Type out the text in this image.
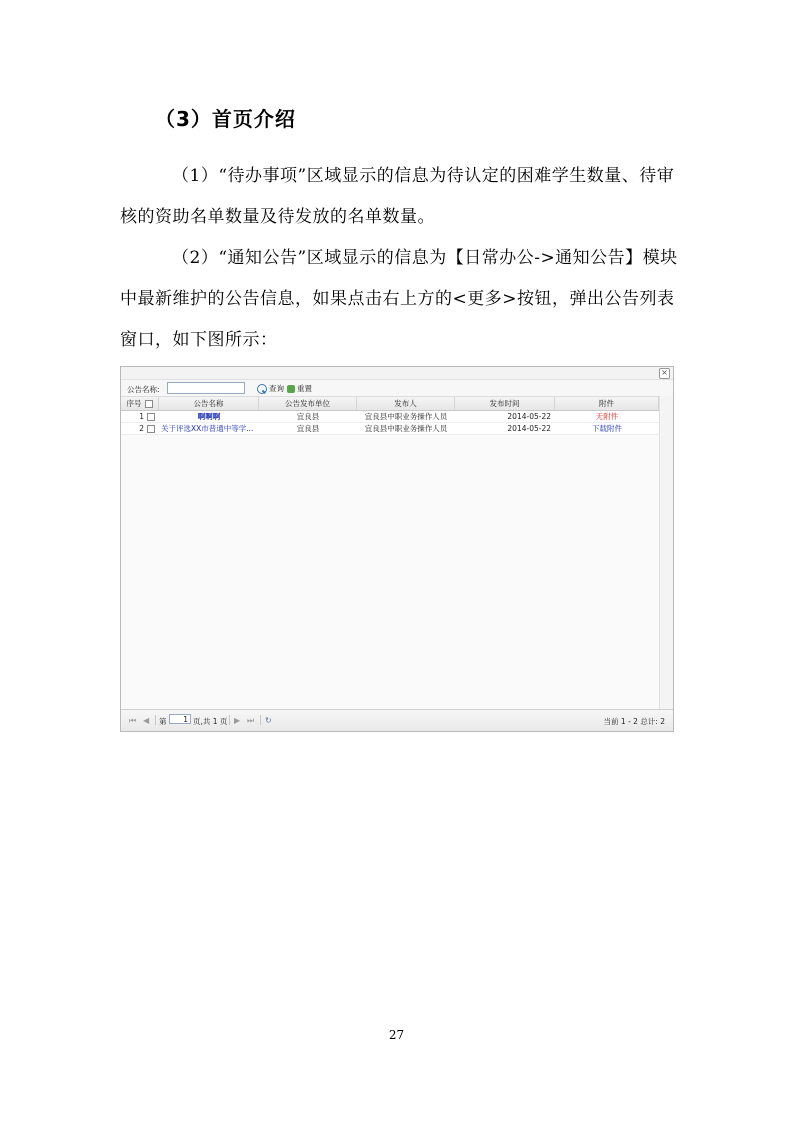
（3）首页介绍
（1）“待办事项”区域显示的信息为待认定的困难学生数量、待审核的资助名单数量及待发放的名单数量。
（2）“通知公告”区域显示的信息为【日常办公->通知公告】模块中最新维护的公告信息，如果点击右上方的<更多>按钮，弹出公告列表窗口，如下图所示：
×
公告名称:	查询 重置
序号	公告名称	公告发布单位	发布人	发布时间	附件
1	啊啊啊	宜良县	宜良县中职业务操作人员	2014-05-22	无附件
2 关于评选XX市普通中等学...	宜良县	宜良县中职业务操作人员	2014-05-22	下载附件
⏮ ◀ 第	1 页,共 1 页 ▶ ⏭ ↻	当前 1 - 2 总计: 2
27
